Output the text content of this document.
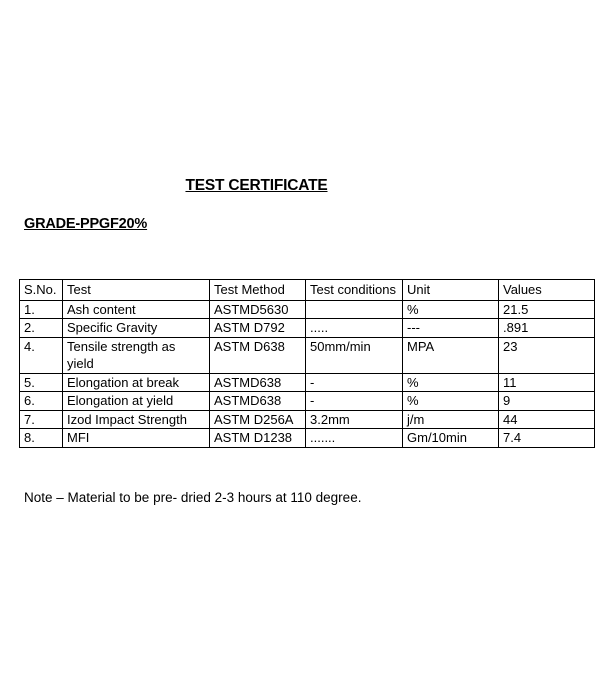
TEST CERTIFICATE
GRADE-PPGF20%
S.No.	Test	Test Method	Test conditions	Unit	Values
1.	Ash content	ASTMD5630		%	21.5
2.	Specific Gravity	ASTM D792	.....	---	.891
4.	Tensile strength as yield	ASTM D638	50mm/min	MPA	23
5.	Elongation at break	ASTMD638	-	%	11
6.	Elongation at yield	ASTMD638	-	%	9
7.	Izod Impact Strength	ASTM D256A	3.2mm	j/m	44
8.	MFI	ASTM D1238	.......	Gm/10min	7.4
Note – Material to be pre- dried 2-3 hours at 110 degree.
